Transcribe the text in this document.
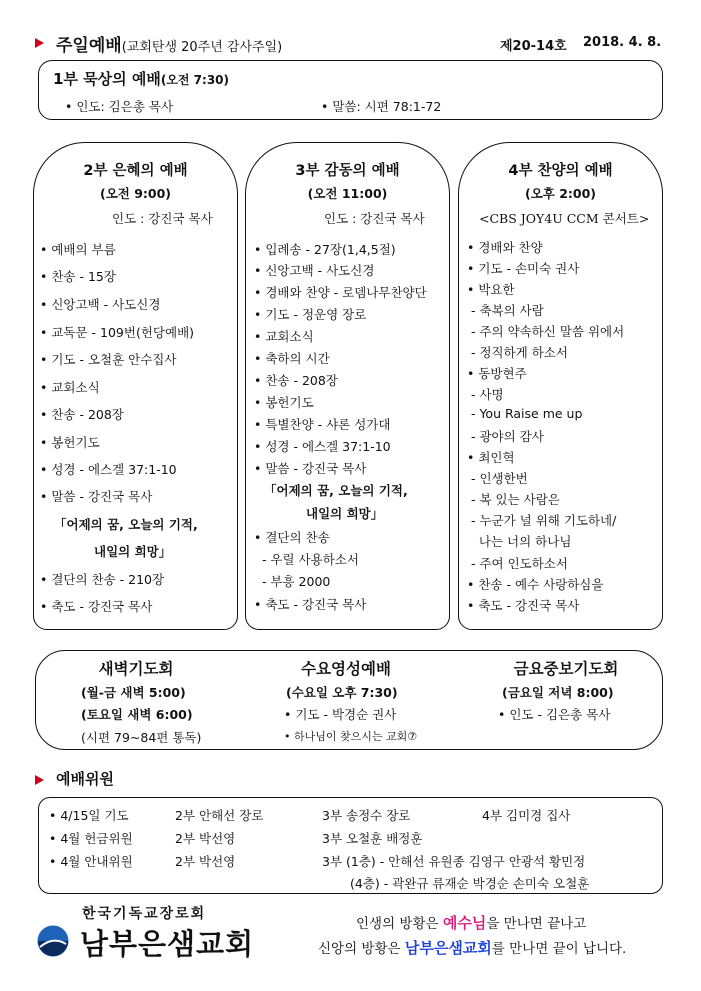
주일예배(교회탄생 20주년 감사주일)	제20-14호 2018. 4. 8.
1부 묵상의 예배(오전 7:30)
• 인도: 김은총 목사	• 말씀: 시편 78:1-72
2부 은혜의 예배
(오전 9:00)
인도 : 강진국 목사
• 예배의 부름
• 찬송 - 15장
• 신앙고백 - 사도신경
• 교독문 - 109번(헌당예배)
• 기도 - 오철훈 안수집사
• 교회소식
• 찬송 - 208장
• 봉헌기도
• 성경 - 에스겔 37:1-10
• 말씀 - 강진국 목사
「어제의 꿈, 오늘의 기적,
내일의 희망」
• 결단의 찬송 - 210장
• 축도 - 강진국 목사
3부 감동의 예배
(오전 11:00)
인도 : 강진국 목사
• 입례송 - 27장(1,4,5절)
• 신앙고백 - 사도신경
• 경배와 찬양 - 로뎀나무찬양단
• 기도 - 정운영 장로
• 교회소식
• 축하의 시간
• 찬송 - 208장
• 봉헌기도
• 특별찬양 - 샤론 성가대
• 성경 - 에스겔 37:1-10
• 말씀 - 강진국 목사
「어제의 꿈, 오늘의 기적,
내일의 희망」
• 결단의 찬송
- 우릴 사용하소서
- 부흥 2000
• 축도 - 강진국 목사
4부 찬양의 예배
(오후 2:00)
<CBS JOY4U CCM 콘서트>
• 경배와 찬양
• 기도 - 손미숙 권사
• 박요한
- 축복의 사람
- 주의 약속하신 말씀 위에서
- 정직하게 하소서
• 동방현주
- 사명
- You Raise me up
- 광야의 감사
• 최인혁
- 인생한번
- 복 있는 사람은
- 누군가 널 위해 기도하네/
나는 너의 하나님
- 주여 인도하소서
• 찬송 - 예수 사랑하심을
• 축도 - 강진국 목사
새벽기도회
(월-금 새벽 5:00)
(토요일 새벽 6:00)
(시편 79~84편 통독)
수요영성예배
(수요일 오후 7:30)
• 기도 - 박경순 권사
• 하나님이 찾으시는 교회⑦
금요중보기도회
(금요일 저녁 8:00)
• 인도 - 김은총 목사
예배위원
• 4/15일 기도	2부 안해선 장로	3부 송정수 장로	4부 김미경 집사
• 4월 헌금위원	2부 박선영	3부 오철훈 배정훈
• 4월 안내위원	2부 박선영	3부 (1층) - 안해선 유원종 김영구 안광석 황민정
(4층) - 곽완규 류재순 박경순 손미숙 오철훈
한국기독교장로회
남부은샘교회
인생의 방황은 예수님을 만나면 끝나고
신앙의 방황은 남부은샘교회를 만나면 끝이 납니다.
